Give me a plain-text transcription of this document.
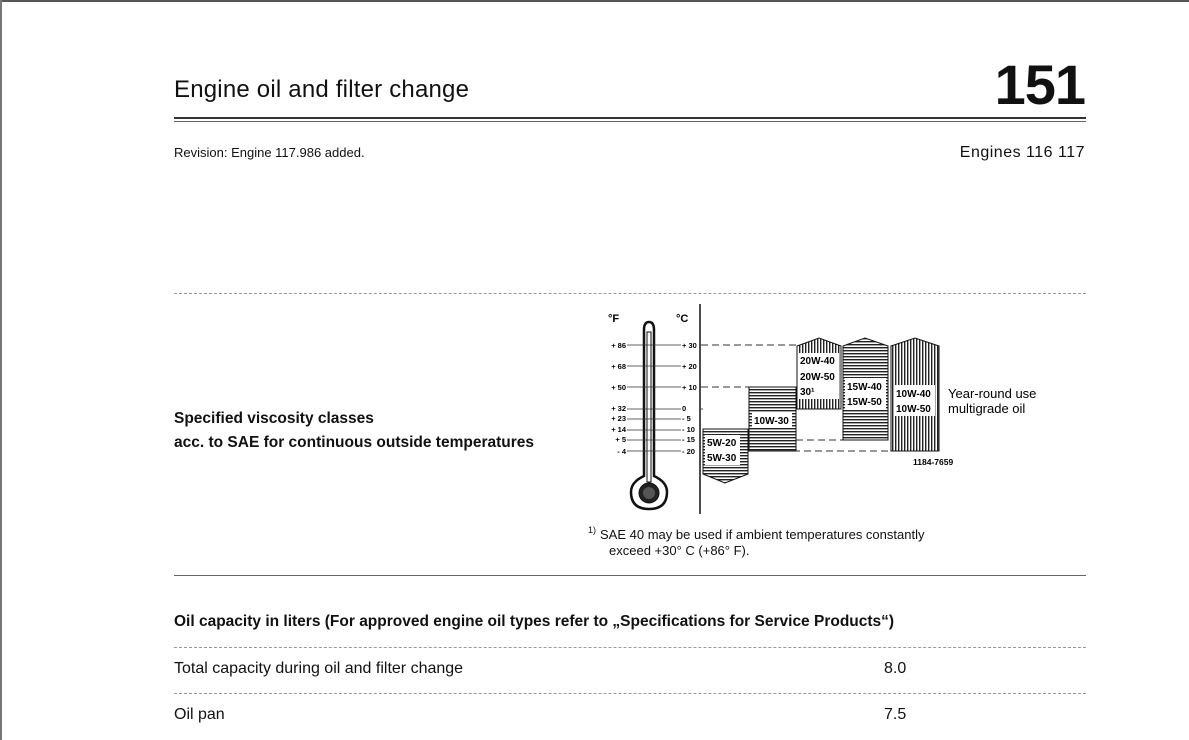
Engine oil and filter change	151
Revision: Engine 117.986 added.	Engines 116 117
Specified viscosity classes
acc. to SAE for continuous outside temperatures
°F	°C
+ 86
+ 68
+ 50
+ 32
+ 23
+ 14
+ 5
- 4
+ 30
+ 20
+ 10
0
- 5
- 10
- 15
- 20
5W-20
5W-30
10W-30
20W-40
20W-50
30¹	15W-40
15W-50
10W-40
10W-50
Year-round use
multigrade oil
1184-7659
$^{1)}$ SAE 40 may be used if ambient temperatures constantly
exceed +30° C (+86° F).
Oil capacity in liters (For approved engine oil types refer to „Specifications for Service Products“)
Total capacity during oil and filter change	8.0
Oil pan	7.5
